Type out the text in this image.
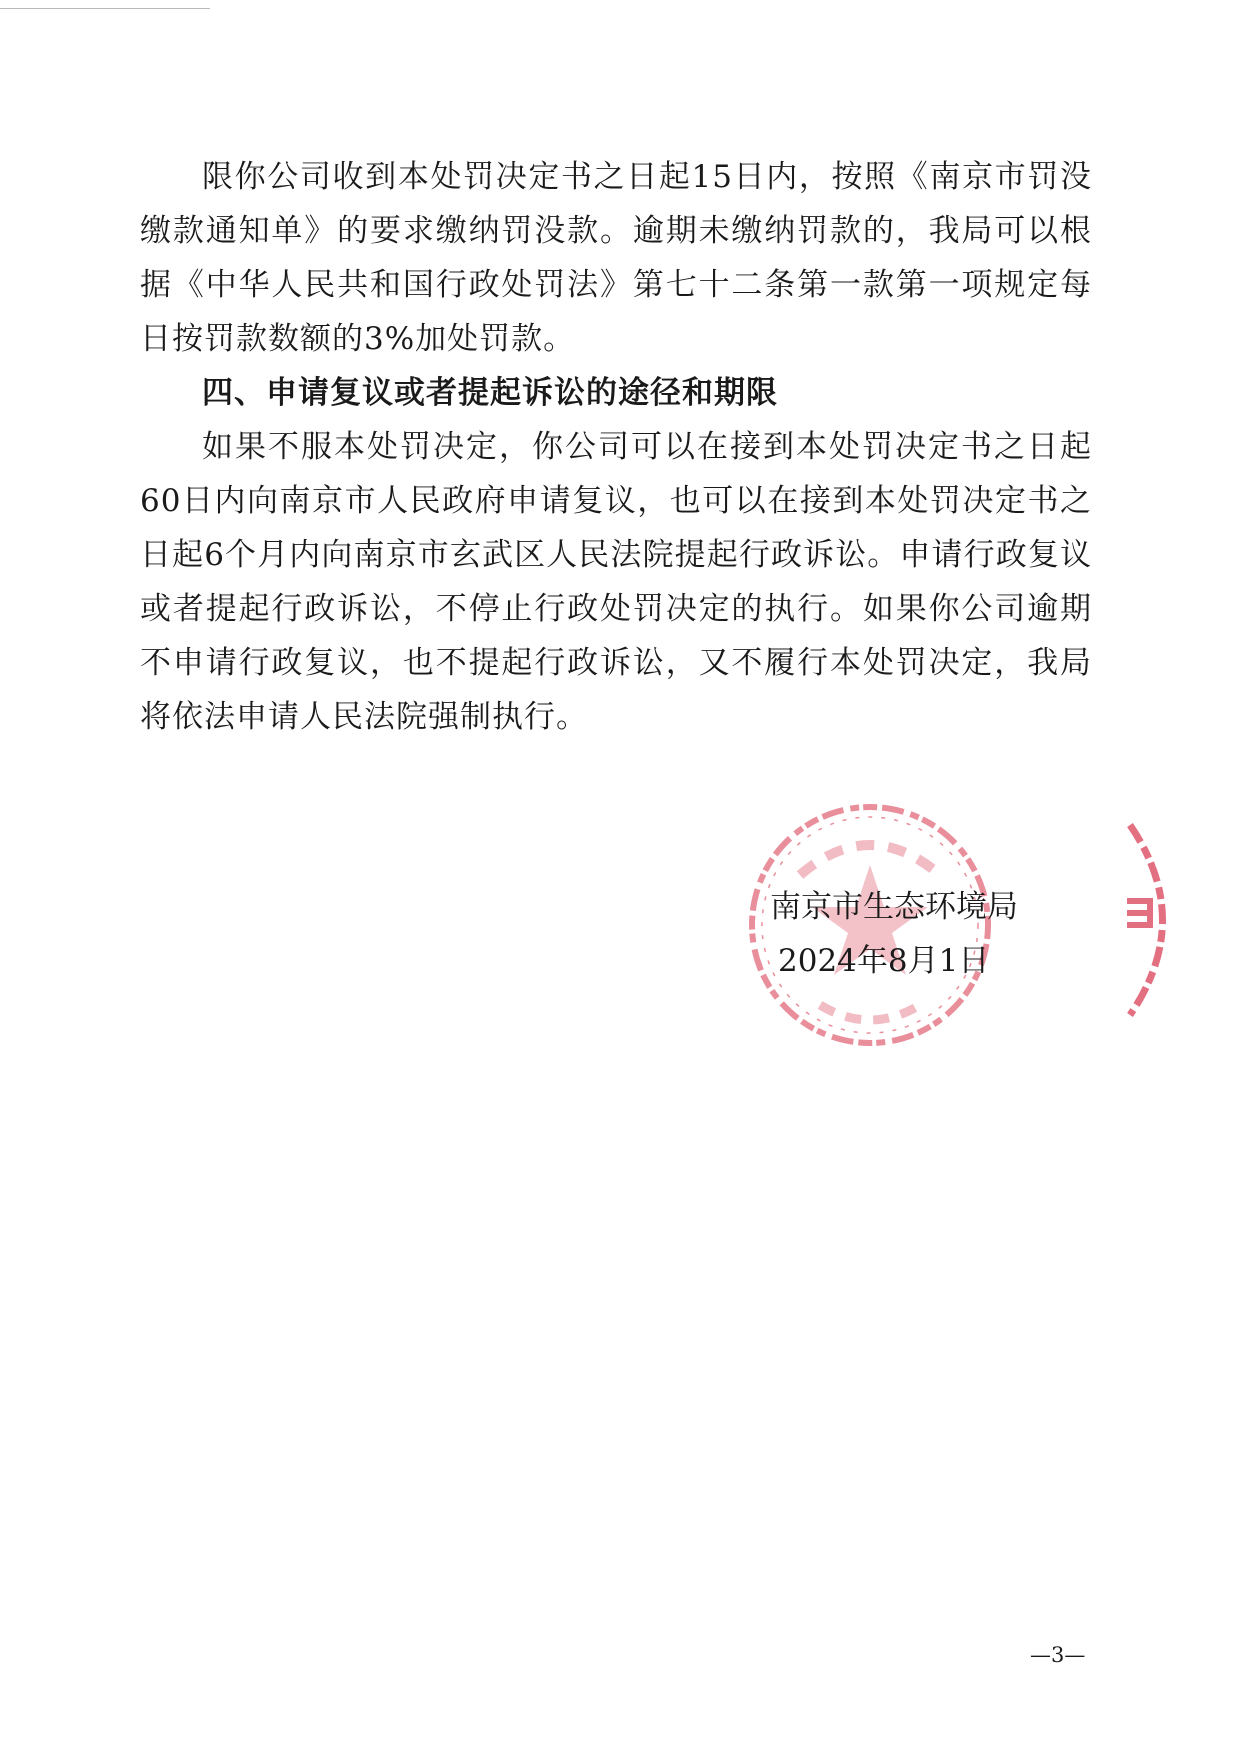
限你公司收到本处罚决定书之日起15日内，按照《南京市罚没缴款通知单》的要求缴纳罚没款。逾期未缴纳罚款的，我局可以根据《中华人民共和国行政处罚法》第七十二条第一款第一项规定每日按罚款数额的3%加处罚款。

四、申请复议或者提起诉讼的途径和期限

如果不服本处罚决定，你公司可以在接到本处罚决定书之日起60日内向南京市人民政府申请复议，也可以在接到本处罚决定书之日起6个月内向南京市玄武区人民法院提起行政诉讼。申请行政复议或者提起行政诉讼，不停止行政处罚决定的执行。如果你公司逾期不申请行政复议，也不提起行政诉讼，又不履行本处罚决定，我局将依法申请人民法院强制执行。

南京市生态环境局
2024年8月1日
—3—
